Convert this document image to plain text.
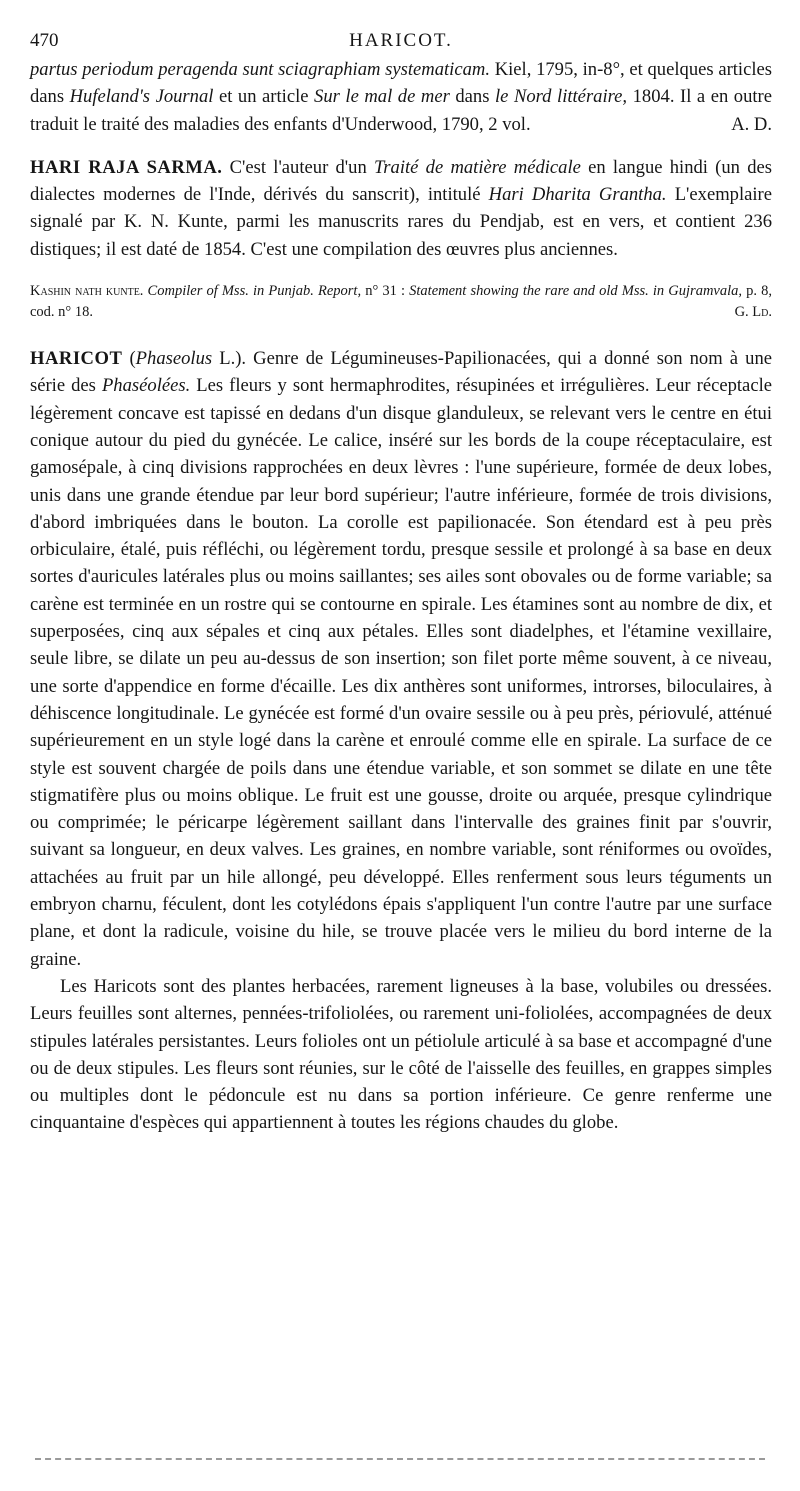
470	HARICOT.

partus periodum peragenda sunt sciagraphiam systematicam. Kiel, 1795, in-8°, et quelques articles dans Hufeland's Journal et un article Sur le mal de mer dans le Nord littéraire, 1804. Il a en outre traduit le traité des maladies des enfants d'Underwood, 1790, 2 vol.	A. D.

HARI RAJA SARMA. C'est l'auteur d'un Traité de matière médicale en langue hindi (un des dialectes modernes de l'Inde, dérivés du sanscrit), intitulé Hari Dharita Grantha. L'exemplaire signalé par K. N. Kunte, parmi les manuscrits rares du Pendjab, est en vers, et contient 236 distiques; il est daté de 1854. C'est une compilation des œuvres plus anciennes.

Kashin nath kunte. Compiler of Mss. in Punjab. Report, n° 31 : Statement showing the rare and old Mss. in Gujramvala, p. 8, cod. n° 18.	G. Ld.

HARICOT (Phaseolus L.). Genre de Légumineuses-Papilionacées, qui a donné son nom à une série des Phaséolées. Les fleurs y sont hermaphrodites, résupinées et irrégulières. Leur réceptacle légèrement concave est tapissé en dedans d'un disque glanduleux, se relevant vers le centre en étui conique autour du pied du gynécée. Le calice, inséré sur les bords de la coupe réceptaculaire, est gamosépale, à cinq divisions rapprochées en deux lèvres : l'une supérieure, formée de deux lobes, unis dans une grande étendue par leur bord supérieur; l'autre inférieure, formée de trois divisions, d'abord imbriquées dans le bouton. La corolle est papilionacée. Son étendard est à peu près orbiculaire, étalé, puis réfléchi, ou légèrement tordu, presque sessile et prolongé à sa base en deux sortes d'auricules latérales plus ou moins saillantes; ses ailes sont obovales ou de forme variable; sa carène est terminée en un rostre qui se contourne en spirale. Les étamines sont au nombre de dix, et superposées, cinq aux sépales et cinq aux pétales. Elles sont diadelphes, et l'étamine vexillaire, seule libre, se dilate un peu au-dessus de son insertion; son filet porte même souvent, à ce niveau, une sorte d'appendice en forme d'écaille. Les dix anthères sont uniformes, introrses, biloculaires, à déhiscence longitudinale. Le gynécée est formé d'un ovaire sessile ou à peu près, périovulé, atténué supérieurement en un style logé dans la carène et enroulé comme elle en spirale. La surface de ce style est souvent chargée de poils dans une étendue variable, et son sommet se dilate en une tête stigmatifère plus ou moins oblique. Le fruit est une gousse, droite ou arquée, presque cylindrique ou comprimée; le péricarpe légèrement saillant dans l'intervalle des graines finit par s'ouvrir, suivant sa longueur, en deux valves. Les graines, en nombre variable, sont réniformes ou ovoïdes, attachées au fruit par un hile allongé, peu développé. Elles renferment sous leurs téguments un embryon charnu, féculent, dont les cotylédons épais s'appliquent l'un contre l'autre par une surface plane, et dont la radicule, voisine du hile, se trouve placée vers le milieu du bord interne de la graine.

Les Haricots sont des plantes herbacées, rarement ligneuses à la base, volubiles ou dressées. Leurs feuilles sont alternes, pennées-trifoliolées, ou rarement uni-foliolées, accompagnées de deux stipules latérales persistantes. Leurs folioles ont un pétiolule articulé à sa base et accompagné d'une ou de deux stipules. Les fleurs sont réunies, sur le côté de l'aisselle des feuilles, en grappes simples ou multiples dont le pédoncule est nu dans sa portion inférieure. Ce genre renferme une cinquantaine d'espèces qui appartiennent à toutes les régions chaudes du globe.
